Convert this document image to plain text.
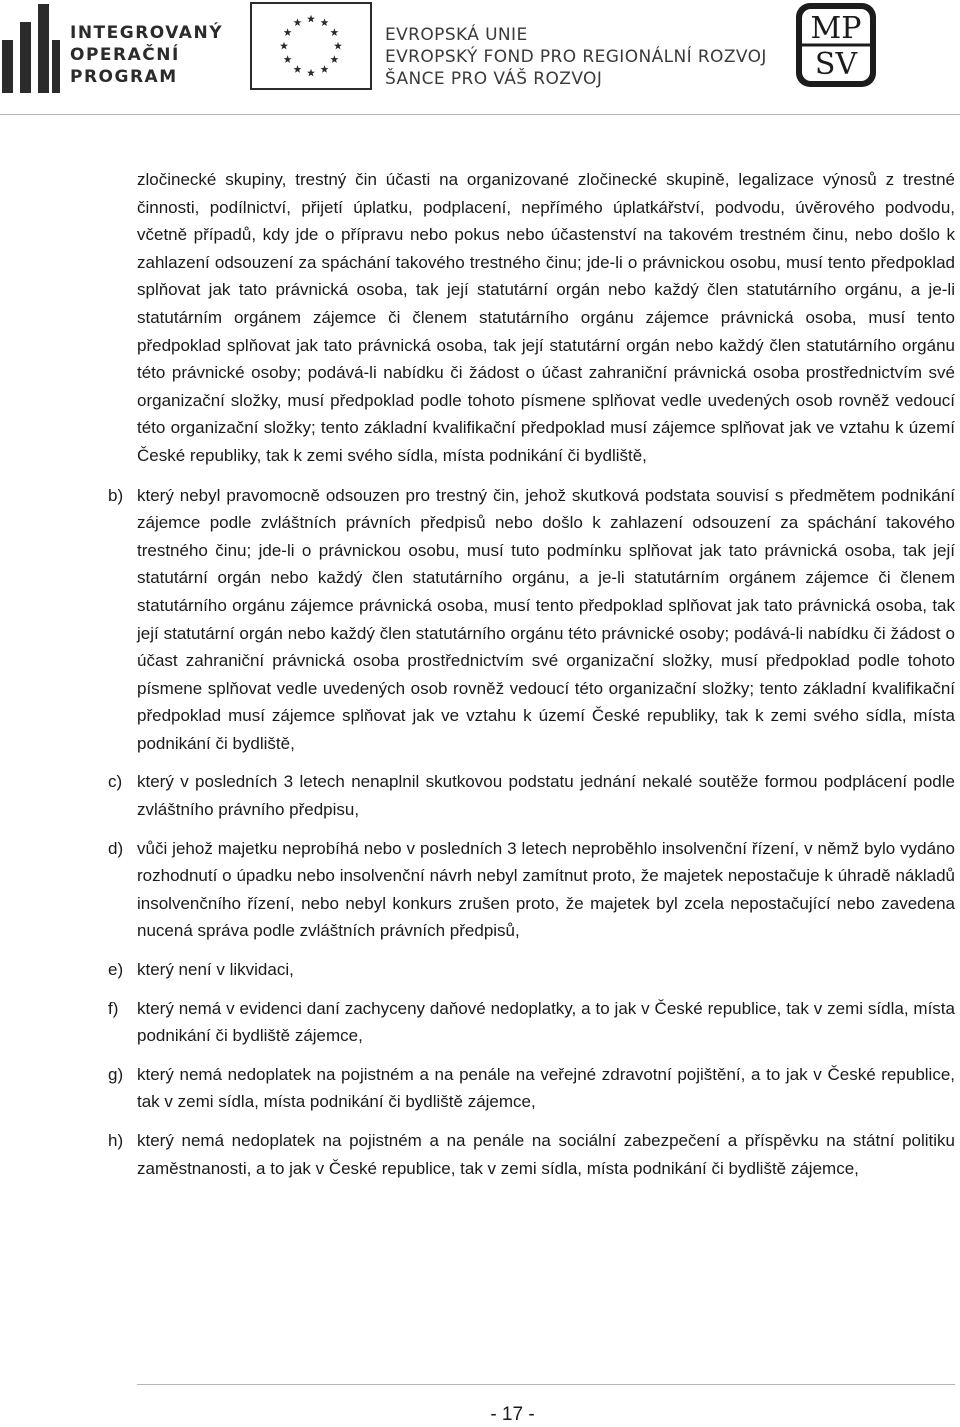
INTEGROVANÝ
OPERAČNÍ
PROGRAM
EVROPSKÁ UNIE
EVROPSKÝ FOND PRO REGIONÁLNÍ ROZVOJ
ŠANCE PRO VÁŠ ROZVOJ
MP
SV

zločinecké skupiny, trestný čin účasti na organizované zločinecké skupině, legalizace výnosů z trestné činnosti, podílnictví, přijetí úplatku, podplacení, nepřímého úplatkářství, podvodu, úvěrového podvodu, včetně případů, kdy jde o přípravu nebo pokus nebo účastenství na takovém trestném činu, nebo došlo k zahlazení odsouzení za spáchání takového trestného činu; jde-li o právnickou osobu, musí tento předpoklad splňovat jak tato právnická osoba, tak její statutární orgán nebo každý člen statutárního orgánu, a je-li statutárním orgánem zájemce či členem statutárního orgánu zájemce právnická osoba, musí tento předpoklad splňovat jak tato právnická osoba, tak její statutární orgán nebo každý člen statutárního orgánu této právnické osoby; podává-li nabídku či žádost o účast zahraniční právnická osoba prostřednictvím své organizační složky, musí předpoklad podle tohoto písmene splňovat vedle uvedených osob rovněž vedoucí této organizační složky; tento základní kvalifikační předpoklad musí zájemce splňovat jak ve vztahu k území České republiky, tak k zemi svého sídla, místa podnikání či bydliště,

b) který nebyl pravomocně odsouzen pro trestný čin, jehož skutková podstata souvisí s předmětem podnikání zájemce podle zvláštních právních předpisů nebo došlo k zahlazení odsouzení za spáchání takového trestného činu; jde-li o právnickou osobu, musí tuto podmínku splňovat jak tato právnická osoba, tak její statutární orgán nebo každý člen statutárního orgánu, a je-li statutárním orgánem zájemce či členem statutárního orgánu zájemce právnická osoba, musí tento předpoklad splňovat jak tato právnická osoba, tak její statutární orgán nebo každý člen statutárního orgánu této právnické osoby; podává-li nabídku či žádost o účast zahraniční právnická osoba prostřednictvím své organizační složky, musí předpoklad podle tohoto písmene splňovat vedle uvedených osob rovněž vedoucí této organizační složky; tento základní kvalifikační předpoklad musí zájemce splňovat jak ve vztahu k území České republiky, tak k zemi svého sídla, místa podnikání či bydliště,
c) který v posledních 3 letech nenaplnil skutkovou podstatu jednání nekalé soutěže formou podplácení podle zvláštního právního předpisu,
d) vůči jehož majetku neprobíhá nebo v posledních 3 letech neproběhlo insolvenční řízení, v němž bylo vydáno rozhodnutí o úpadku nebo insolvenční návrh nebyl zamítnut proto, že majetek nepostačuje k úhradě nákladů insolvenčního řízení, nebo nebyl konkurs zrušen proto, že majetek byl zcela nepostačující nebo zavedena nucená správa podle zvláštních právních předpisů,
e) který není v likvidaci,
f) který nemá v evidenci daní zachyceny daňové nedoplatky, a to jak v České republice, tak v zemi sídla, místa podnikání či bydliště zájemce,
g) který nemá nedoplatek na pojistném a na penále na veřejné zdravotní pojištění, a to jak v České republice, tak v zemi sídla, místa podnikání či bydliště zájemce,
h) který nemá nedoplatek na pojistném a na penále na sociální zabezpečení a příspěvku na státní politiku zaměstnanosti, a to jak v České republice, tak v zemi sídla, místa podnikání či bydliště zájemce,
- 17 -
